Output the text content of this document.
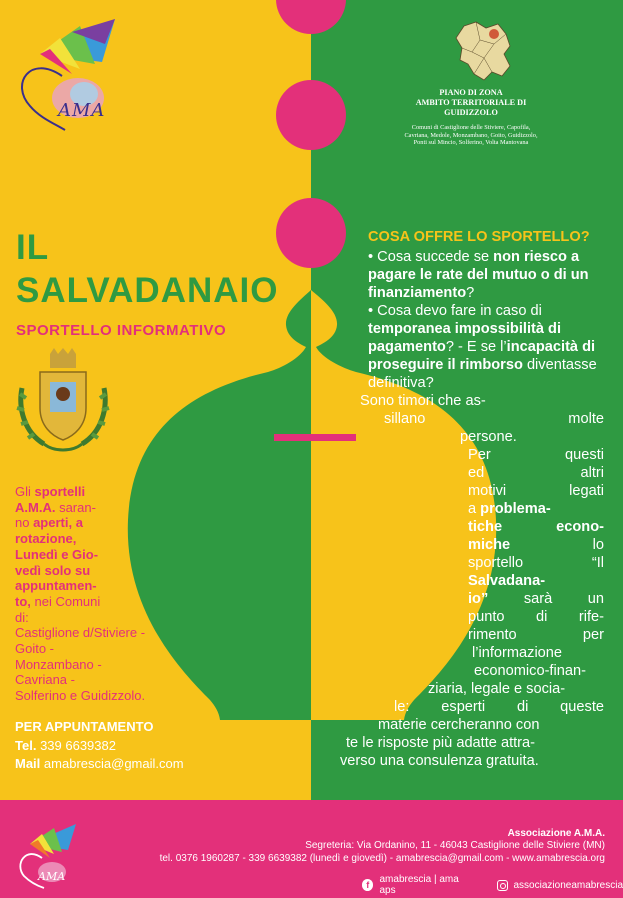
AMA
PIANO DI ZONA
AMBITO TERRITORIALE DI GUIDIZZOLO
Comuni di Castiglione delle Stiviere, Capofila,
Cavriana, Medole, Monzambano, Goito, Guidizzolo,
Ponti sul Mincio, Solferino, Volta Mantovana
IL
SALVADANAIO
SPORTELLO INFORMATIVO
Gli sportelli
A.M.A. saran-
no aperti, a
rotazione,
Lunedì e Gio-
vedì solo su
appuntamen-
to, nei Comuni
di:
Castiglione d/Stiviere -
Goito -
Monzambano -
Cavriana -
Solferino e Guidizzolo.
PER APPUNTAMENTO
Tel. 339 6639382
Mail amabrescia@gmail.com
COSA OFFRE LO SPORTELLO?
• Cosa succede se non riesco a pagare le rate del mutuo o di un finanziamento?
• Cosa devo fare in caso di temporanea impossibilità di pagamento? - E se l’incapacità di proseguire il rimborso diventasse definitiva?
Sono timori che as-
sillano molte
persone.
Per questi
ed altri
motivi legati
a problema-
tiche econo-
miche lo
sportello “Il
Salvadana-
io” sarà un
punto di rife-
rimento per
l’informazione
economico-finan-
ziaria, legale e socia-
le: esperti di queste
materie cercheranno con
te le risposte più adatte attra-
verso una consulenza gratuita.
AMA
Associazione A.M.A.
Segreteria: Via Ordanino, 11 - 46043 Castiglione delle Stiviere (MN)
tel. 0376 1960287 - 339 6639382 (lunedì e giovedì) - amabrescia@gmail.com - www.amabrescia.org
f	amabrescia | ama aps	associazioneamabrescia
